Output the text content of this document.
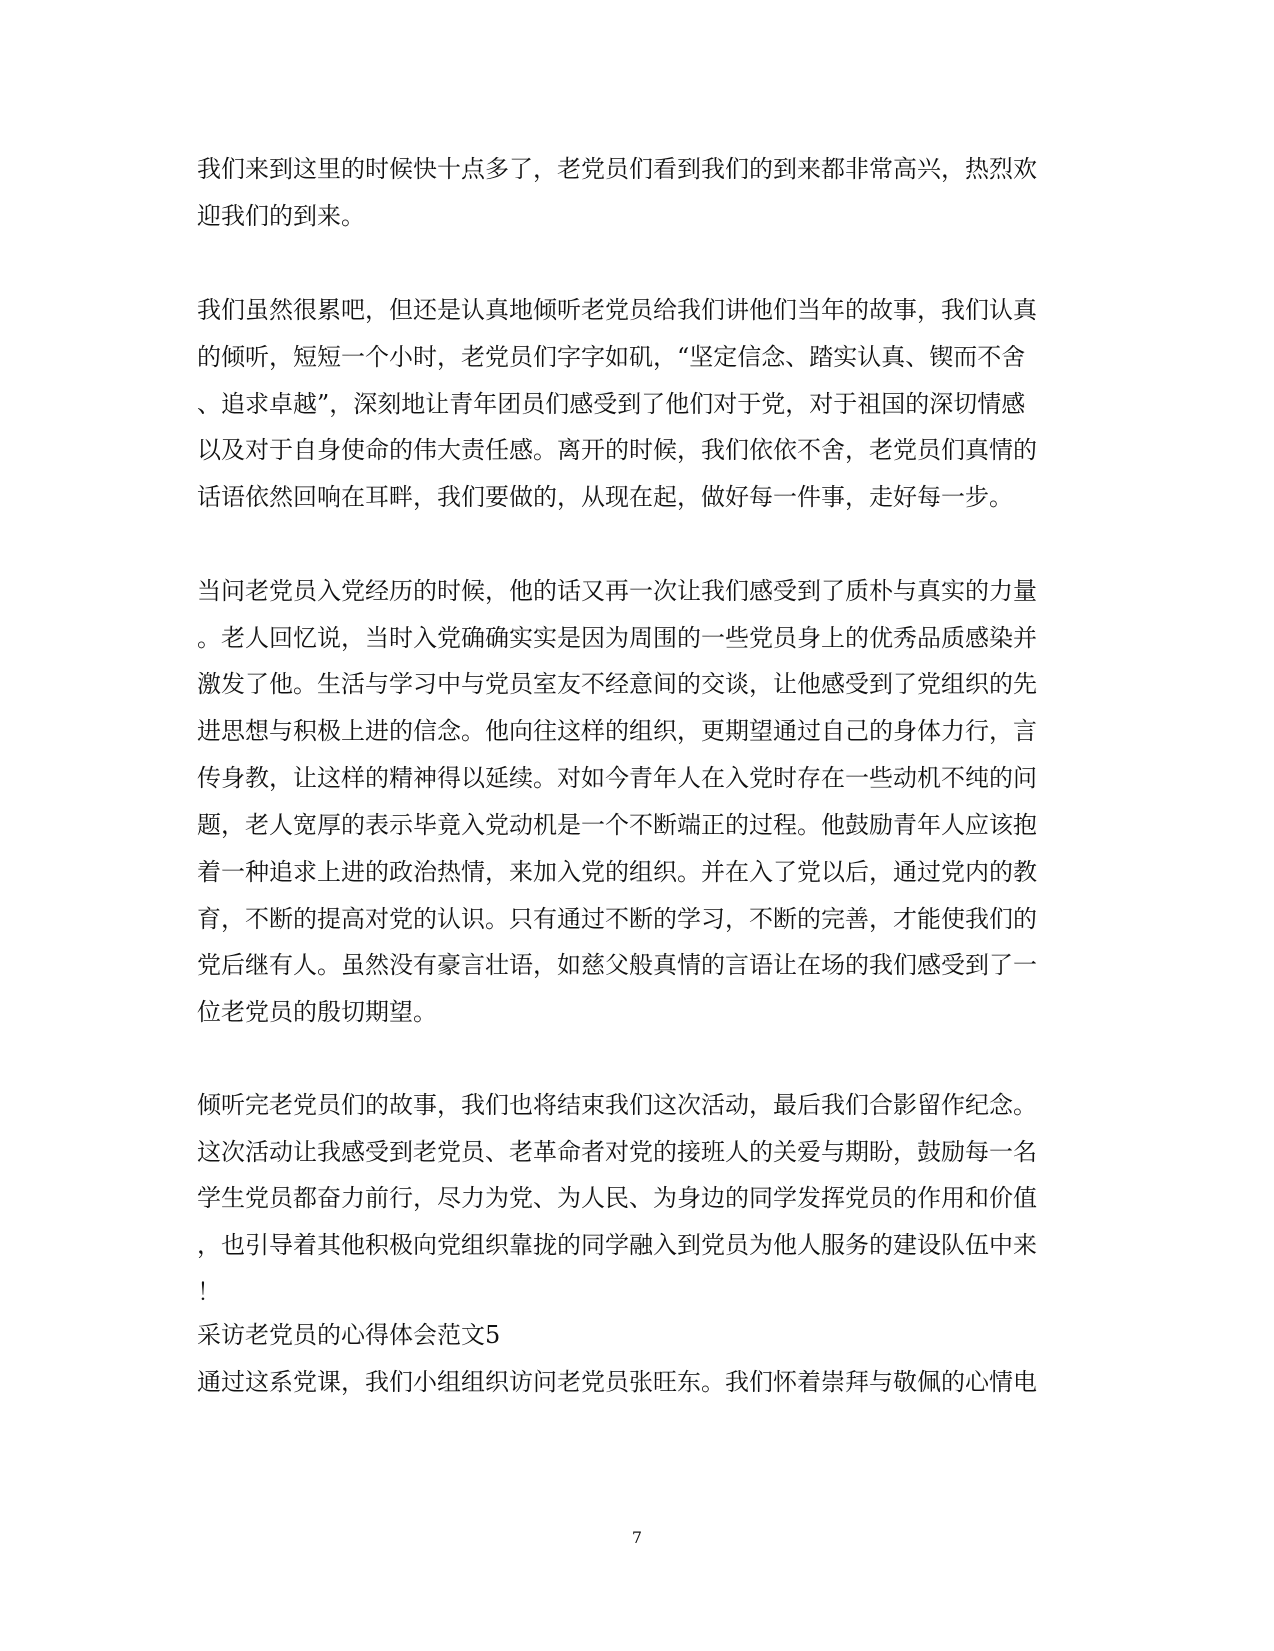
我们来到这里的时候快十点多了，老党员们看到我们的到来都非常高兴，热烈欢
迎我们的到来。
我们虽然很累吧，但还是认真地倾听老党员给我们讲他们当年的故事，我们认真
的倾听，短短一个小时，老党员们字字如矶，“坚定信念、踏实认真、锲而不舍
、追求卓越”，深刻地让青年团员们感受到了他们对于党，对于祖国的深切情感
以及对于自身使命的伟大责任感。离开的时候，我们依依不舍，老党员们真情的
话语依然回响在耳畔，我们要做的，从现在起，做好每一件事，走好每一步。
当问老党员入党经历的时候，他的话又再一次让我们感受到了质朴与真实的力量
。老人回忆说，当时入党确确实实是因为周围的一些党员身上的优秀品质感染并
激发了他。生活与学习中与党员室友不经意间的交谈，让他感受到了党组织的先
进思想与积极上进的信念。他向往这样的组织，更期望通过自己的身体力行，言
传身教，让这样的精神得以延续。对如今青年人在入党时存在一些动机不纯的问
题，老人宽厚的表示毕竟入党动机是一个不断端正的过程。他鼓励青年人应该抱
着一种追求上进的政治热情，来加入党的组织。并在入了党以后，通过党内的教
育，不断的提高对党的认识。只有通过不断的学习，不断的完善，才能使我们的
党后继有人。虽然没有豪言壮语，如慈父般真情的言语让在场的我们感受到了一
位老党员的殷切期望。
倾听完老党员们的故事，我们也将结束我们这次活动，最后我们合影留作纪念。
这次活动让我感受到老党员、老革命者对党的接班人的关爱与期盼，鼓励每一名
学生党员都奋力前行，尽力为党、为人民、为身边的同学发挥党员的作用和价值
，也引导着其他积极向党组织靠拢的同学融入到党员为他人服务的建设队伍中来
！
采访老党员的心得体会范文5
通过这系党课，我们小组组织访问老党员张旺东。我们怀着崇拜与敬佩的心情电
7
